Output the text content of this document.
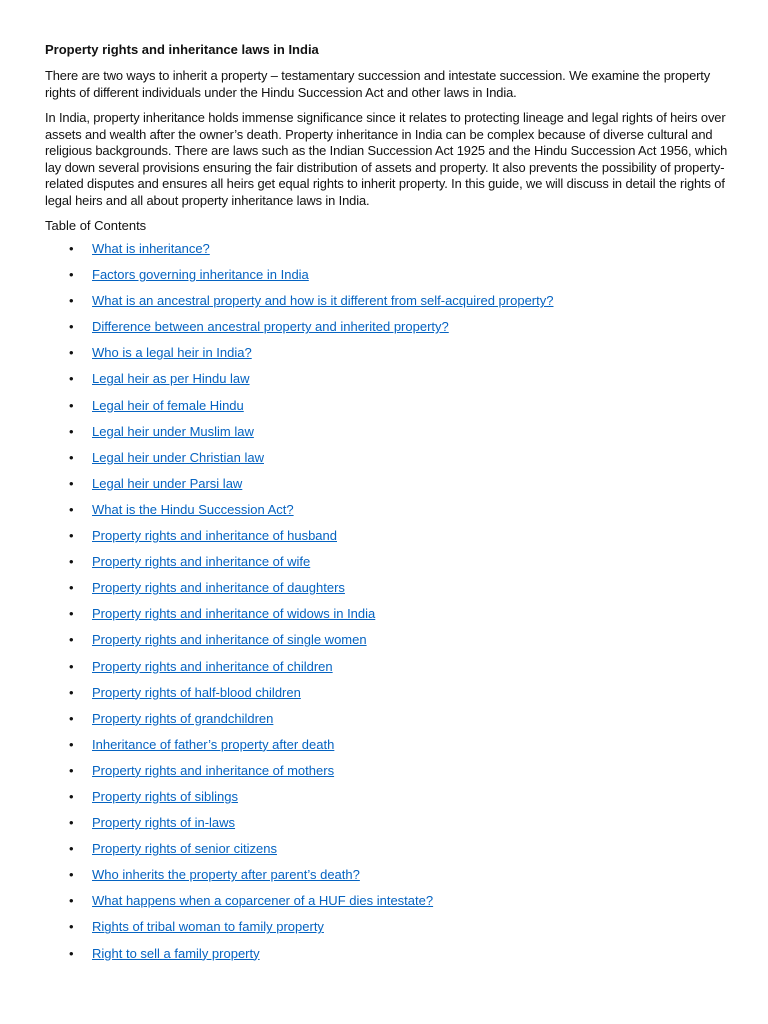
Property rights and inheritance laws in India

There are two ways to inherit a property – testamentary succession and intestate succession. We examine the property rights of different individuals under the Hindu Succession Act and other laws in India.

In India, property inheritance holds immense significance since it relates to protecting lineage and legal rights of heirs over assets and wealth after the owner’s death. Property inheritance in India can be complex because of diverse cultural and religious backgrounds. There are laws such as the Indian Succession Act 1925 and the Hindu Succession Act 1956, which lay down several provisions ensuring the fair distribution of assets and property. It also prevents the possibility of property-related disputes and ensures all heirs get equal rights to inherit property. In this guide, we will discuss in detail the rights of legal heirs and all about property inheritance laws in India.

Table of Contents
• What is inheritance?
• Factors governing inheritance in India
• What is an ancestral property and how is it different from self-acquired property?
• Difference between ancestral property and inherited property?
• Who is a legal heir in India?
• Legal heir as per Hindu law
• Legal heir of female Hindu
• Legal heir under Muslim law
• Legal heir under Christian law
• Legal heir under Parsi law
• What is the Hindu Succession Act?
• Property rights and inheritance of husband
• Property rights and inheritance of wife
• Property rights and inheritance of daughters
• Property rights and inheritance of widows in India
• Property rights and inheritance of single women
• Property rights and inheritance of children
• Property rights of half-blood children
• Property rights of grandchildren
• Inheritance of father’s property after death
• Property rights and inheritance of mothers
• Property rights of siblings
• Property rights of in-laws
• Property rights of senior citizens
• Who inherits the property after parent’s death?
• What happens when a coparcener of a HUF dies intestate?
• Rights of tribal woman to family property
• Right to sell a family property
